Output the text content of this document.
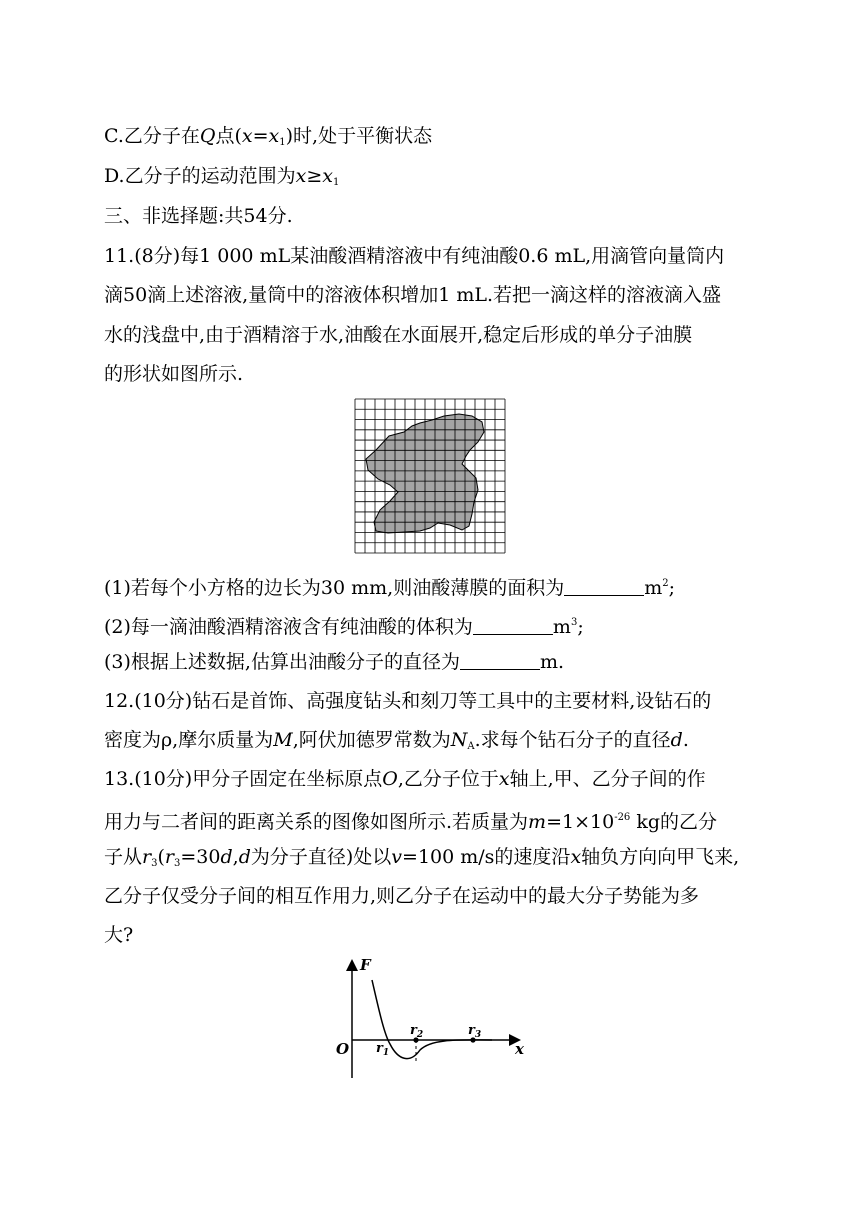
C.乙分子在Q点$(x=x_1)$时,处于平衡状态
D.乙分子的运动范围为$x\ge x_1$
三、非选择题:共54分.
11.(8分)每1 000 mL某油酸酒精溶液中有纯油酸0.6 mL,用滴管向量筒内
滴50滴上述溶液,量筒中的溶液体积增加1 mL.若把一滴这样的溶液滴入盛
水的浅盘中,由于酒精溶于水,油酸在水面展开,稳定后形成的单分子油膜
的形状如图所示.
(1)若每个小方格的边长为30 mm,则油酸薄膜的面积为	$m^2$;
(2)每一滴油酸酒精溶液含有纯油酸的体积为	$m^3$;
(3)根据上述数据,估算出油酸分子的直径为	m.
12.(10分)钻石是首饰、高强度钻头和刻刀等工具中的主要材料,设钻石的
密度为ρ,摩尔质量为M,阿伏加德罗常数为$N_A$.求每个钻石分子的直径d.
13.(10分)甲分子固定在坐标原点O,乙分子位于x轴上,甲、乙分子间的作
用力与二者间的距离关系的图像如图所示.若质量为$m=1\times 10^{-26}$ kg的乙分
子从$r_3(r_3=30d,d$为分子直径)处以v=100 m/s的速度沿x轴负方向向甲飞来,
乙分子仅受分子间的相互作用力,则乙分子在运动中的最大分子势能为多
大?
F
O	x
$r_1$
$r_2$	$r_3$
